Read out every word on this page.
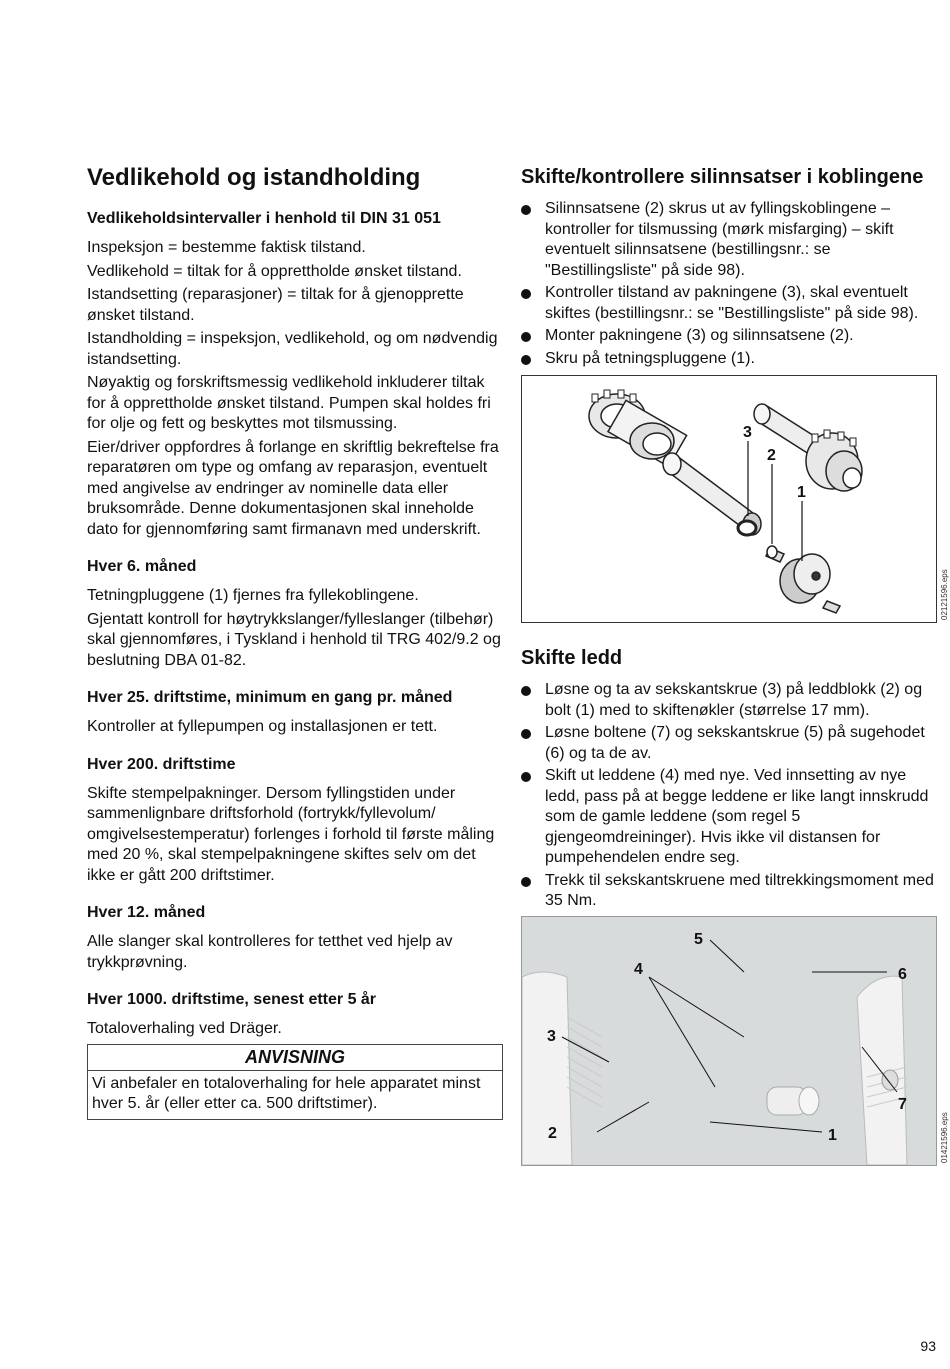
Vedlikehold og istandholding
Vedlikeholdsintervaller i henhold til DIN 31 051

Inspeksjon = bestemme faktisk tilstand.

Vedlikehold = tiltak for å opprettholde ønsket tilstand.

Istandsetting (reparasjoner) = tiltak for å gjenopprette ønsket tilstand.

Istandholding = inspeksjon, vedlikehold, og om nødvendig istandsetting.

Nøyaktig og forskriftsmessig vedlikehold inkluderer tiltak for å opprettholde ønsket tilstand. Pumpen skal holdes fri for olje og fett og beskyttes mot tilsmussing.

Eier/driver oppfordres å forlange en skriftlig bekreftelse fra reparatøren om type og omfang av reparasjon, eventuelt med angivelse av endringer av nominelle data eller bruksområde. Denne dokumentasjonen skal inneholde dato for gjennomføring samt firmanavn med underskrift.

Hver 6. måned

Tetningpluggene (1) fjernes fra fyllekoblingene.

Gjentatt kontroll for høytrykkslanger/fylleslanger (tilbehør) skal gjennomføres, i Tyskland i henhold til TRG 402/9.2 og beslutning DBA 01-82.

Hver 25. driftstime, minimum en gang pr. måned

Kontroller at fyllepumpen og installasjonen er tett.

Hver 200. driftstime

Skifte stempelpakninger. Dersom fyllingstiden under sammenlignbare driftsforhold (fortrykk/fyllevolum/ omgivelsestemperatur) forlenges i forhold til første måling med 20 %, skal stempelpakningene skiftes selv om det ikke er gått 200 driftstimer.

Hver 12. måned

Alle slanger skal kontrolleres for tetthet ved hjelp av trykkprøvning.

Hver 1000. driftstime, senest etter 5 år

Totaloverhaling ved Dräger.

ANVISNING
Vi anbefaler en totaloverhaling for hele apparatet minst hver 5. år (eller etter ca. 500 driftstimer).
Skifte/kontrollere silinnsatser i koblingene
Silinnsatsene (2) skrus ut av fyllingskoblingene – kontroller for tilsmussing (mørk misfarging) – skift eventuelt silinnsatsene (bestillingsnr.: se "Bestillingsliste" på side 98).
Kontroller tilstand av pakningene (3), skal eventuelt skiftes (bestillingsnr.: se "Bestillingsliste" på side 98).
Monter pakningene (3) og silinnsatsene (2).
Skru på tetningspluggene (1).
3
2
1
02121596.eps
Skifte ledd
Løsne og ta av sekskantskrue (3) på leddblokk (2) og bolt (1) med to skiftenøkler (størrelse 17 mm).
Løsne boltene (7) og sekskantskrue (5) på sugehodet (6) og ta de av.
Skift ut leddene (4) med nye. Ved innsetting av nye ledd, pass på at begge leddene er like langt innskrudd som de gamle leddene (som regel 5 gjengeomdreininger). Hvis ikke vil distansen for pumpehendelen endre seg.
Trekk til sekskantskruene med tiltrekkingsmoment med 35 Nm.
5
4	6
3
7
2	1	01421596.eps
93
